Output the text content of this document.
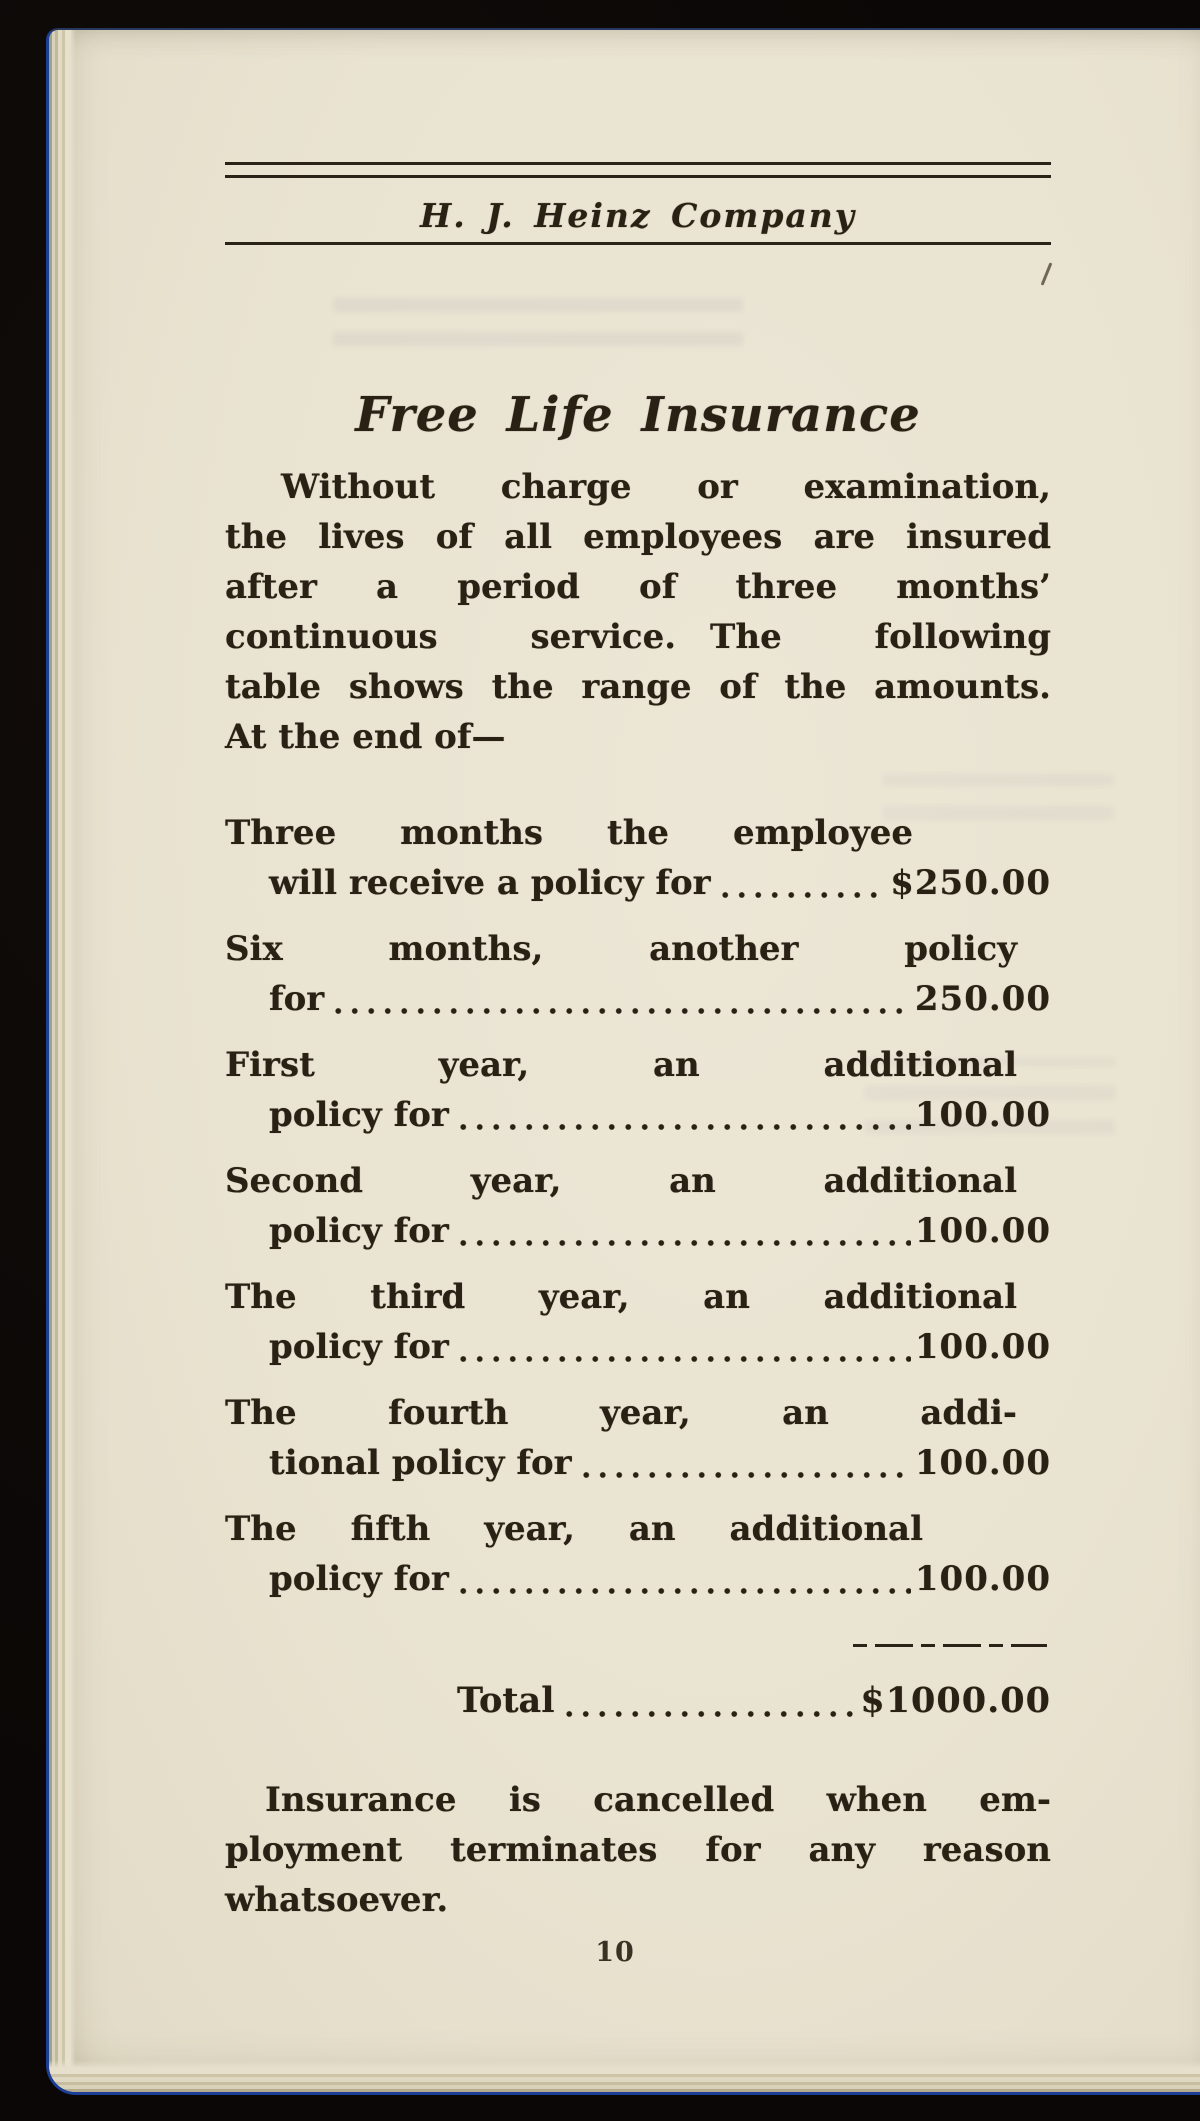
H. J. Heinz Company
Free Life Insurance
Without charge or examination,
the lives of all employees are insured
after a period of three months’
continuous service. The following
table shows the range of the amounts.
At the end of—
Three months the employee
will receive a policy for	$250.00
Six months, another policy
for	250.00
First year, an additional
policy for	100.00
Second year, an additional
policy for	100.00
The third year, an additional
policy for	100.00
The fourth year, an addi-
tional policy for	100.00
The fifth year, an additional
policy for	100.00
Total	$1000.00
Insurance is cancelled when em-
ployment terminates for any reason
whatsoever.
10
